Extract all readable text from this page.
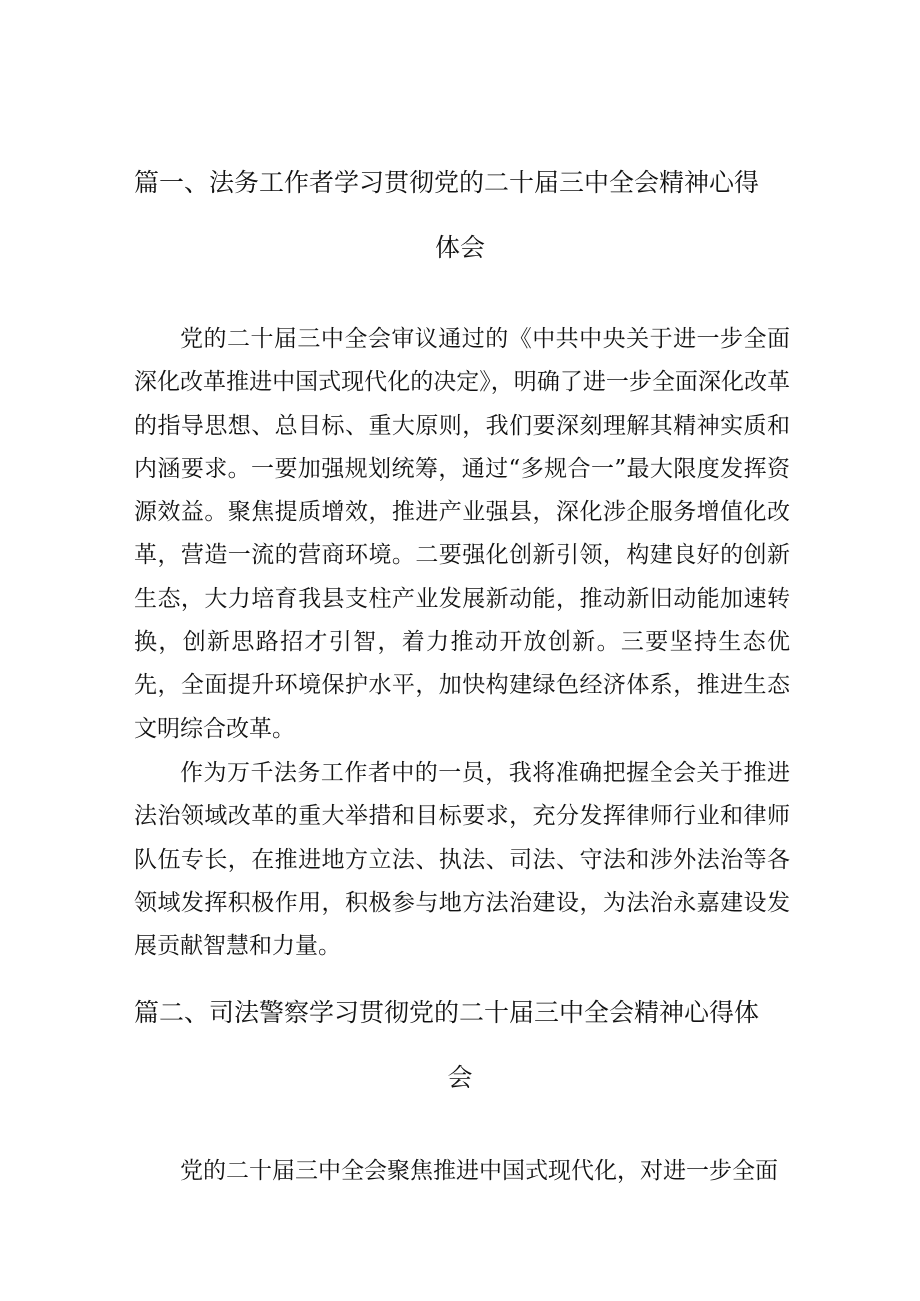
篇一、法务工作者学习贯彻党的二十届三中全会精神心得
体会

党的二十届三中全会审议通过的《中共中央关于进一步全面深化改革推进中国式现代化的决定》，明确了进一步全面深化改革的指导思想、总目标、重大原则，我们要深刻理解其精神实质和内涵要求。一要加强规划统筹，通过“多规合一”最大限度发挥资源效益。聚焦提质增效，推进产业强县，深化涉企服务增值化改革，营造一流的营商环境。二要强化创新引领，构建良好的创新生态，大力培育我县支柱产业发展新动能，推动新旧动能加速转换，创新思路招才引智，着力推动开放创新。三要坚持生态优先，全面提升环境保护水平，加快构建绿色经济体系，推进生态文明综合改革。

作为万千法务工作者中的一员，我将准确把握全会关于推进法治领域改革的重大举措和目标要求，充分发挥律师行业和律师队伍专长，在推进地方立法、执法、司法、守法和涉外法治等各领域发挥积极作用，积极参与地方法治建设，为法治永嘉建设发展贡献智慧和力量。

篇二、司法警察学习贯彻党的二十届三中全会精神心得体
会

党的二十届三中全会聚焦推进中国式现代化，对进一步全面
